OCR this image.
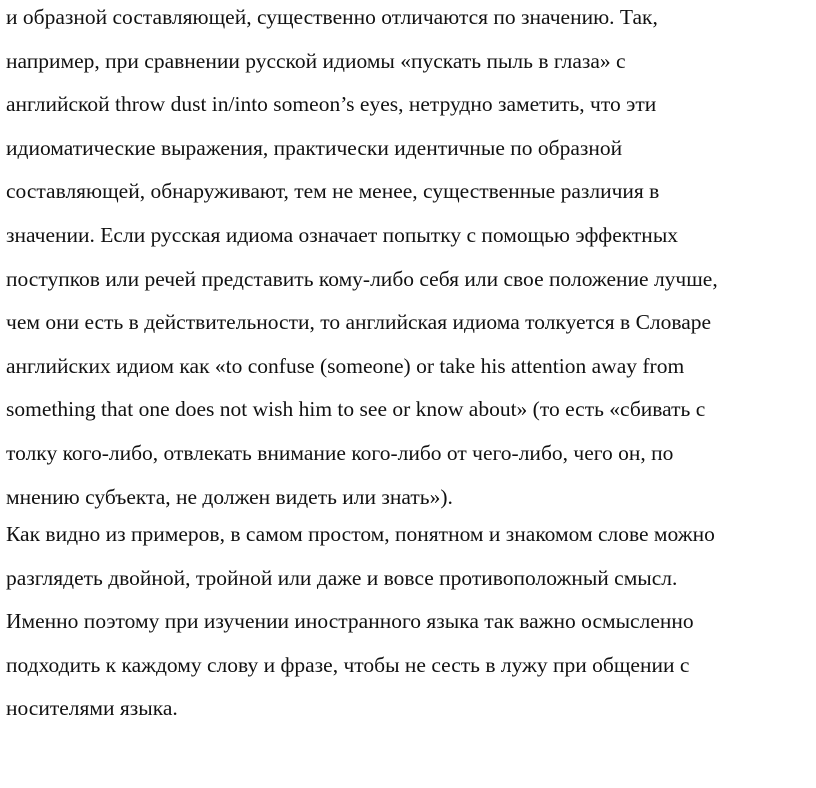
и образной составляющей, существенно отличаются по значению. Так,
например, при сравнении русской идиомы «пускать пыль в глаза» с
английской throw dust in/into someon’s eyes, нетрудно заметить, что эти
идиоматические выражения, практически идентичные по образной
составляющей, обнаруживают, тем не менее, существенные различия в
значении. Если русская идиома означает попытку с помощью эффектных
поступков или речей представить кому-либо себя или свое положение лучше,
чем они есть в действительности, то английская идиома толкуется в Словаре
английских идиом как «to confuse (someone) or take his attention away from
something that one does not wish him to see or know about» (то есть «сбивать с
толку кого-либо, отвлекать внимание кого-либо от чего-либо, чего он, по
мнению субъекта, не должен видеть или знать»).

Как видно из примеров, в самом простом, понятном и знакомом слове можно
разглядеть двойной, тройной или даже и вовсе противоположный смысл.
Именно поэтому при изучении иностранного языка так важно осмысленно
подходить к каждому слову и фразе, чтобы не сесть в лужу при общении с
носителями языка.
